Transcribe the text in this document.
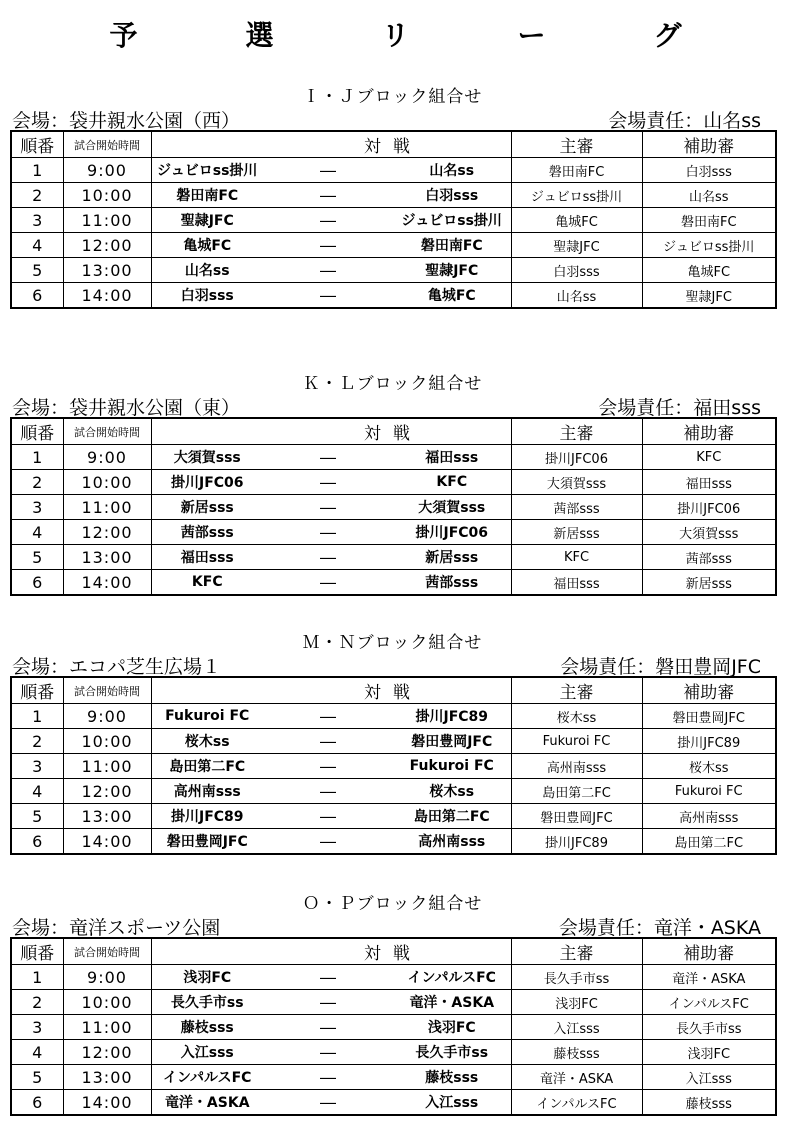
予　選　リ　ー　グ
Ｉ・Ｊブロック組合せ
会場：袋井親水公園（西）	会場責任：山名ss
順番	試合開始時間	対		戦	主審	補助審
1	9:00	ジュビロss掛川	―	山名ss	磐田南FC	白羽sss
2	10:00	磐田南FC	―	白羽sss	ジュビロss掛川	山名ss
3	11:00	聖隷JFC	―	ジュビロss掛川	亀城FC	磐田南FC
4	12:00	亀城FC	―	磐田南FC	聖隷JFC	ジュビロss掛川
5	13:00	山名ss	―	聖隷JFC	白羽sss	亀城FC
6	14:00	白羽sss	―	亀城FC	山名ss	聖隷JFC
Ｋ・Ｌブロック組合せ
会場：袋井親水公園（東）	会場責任：福田sss
順番	試合開始時間	対		戦	主審	補助審
1	9:00	大須賀sss	―	福田sss	掛川JFC06	KFC
2	10:00	掛川JFC06	―	KFC	大須賀sss	福田sss
3	11:00	新居sss	―	大須賀sss	茜部sss	掛川JFC06
4	12:00	茜部sss	―	掛川JFC06	新居sss	大須賀sss
5	13:00	福田sss	―	新居sss	KFC	茜部sss
6	14:00	KFC	―	茜部sss	福田sss	新居sss
Ｍ・Ｎブロック組合せ
会場：エコパ芝生広場１	会場責任：磐田豊岡JFC
順番	試合開始時間	対		戦	主審	補助審
1	9:00	Fukuroi FC	―	掛川JFC89	桜木ss	磐田豊岡JFC
2	10:00	桜木ss	―	磐田豊岡JFC	Fukuroi FC	掛川JFC89
3	11:00	島田第二FC	―	Fukuroi FC	高州南sss	桜木ss
4	12:00	高州南sss	―	桜木ss	島田第二FC	Fukuroi FC
5	13:00	掛川JFC89	―	島田第二FC	磐田豊岡JFC	高州南sss
6	14:00	磐田豊岡JFC	―	高州南sss	掛川JFC89	島田第二FC
Ｏ・Ｐブロック組合せ
会場：竜洋スポーツ公園	会場責任：竜洋・ASKA
順番	試合開始時間	対		戦	主審	補助審
1	9:00	浅羽FC	―	インパルスFC	長久手市ss	竜洋・ASKA
2	10:00	長久手市ss	―	竜洋・ASKA	浅羽FC	インパルスFC
3	11:00	藤枝sss	―	浅羽FC	入江sss	長久手市ss
4	12:00	入江sss	―	長久手市ss	藤枝sss	浅羽FC
5	13:00	インパルスFC	―	藤枝sss	竜洋・ASKA	入江sss
6	14:00	竜洋・ASKA	―	入江sss	インパルスFC	藤枝sss
